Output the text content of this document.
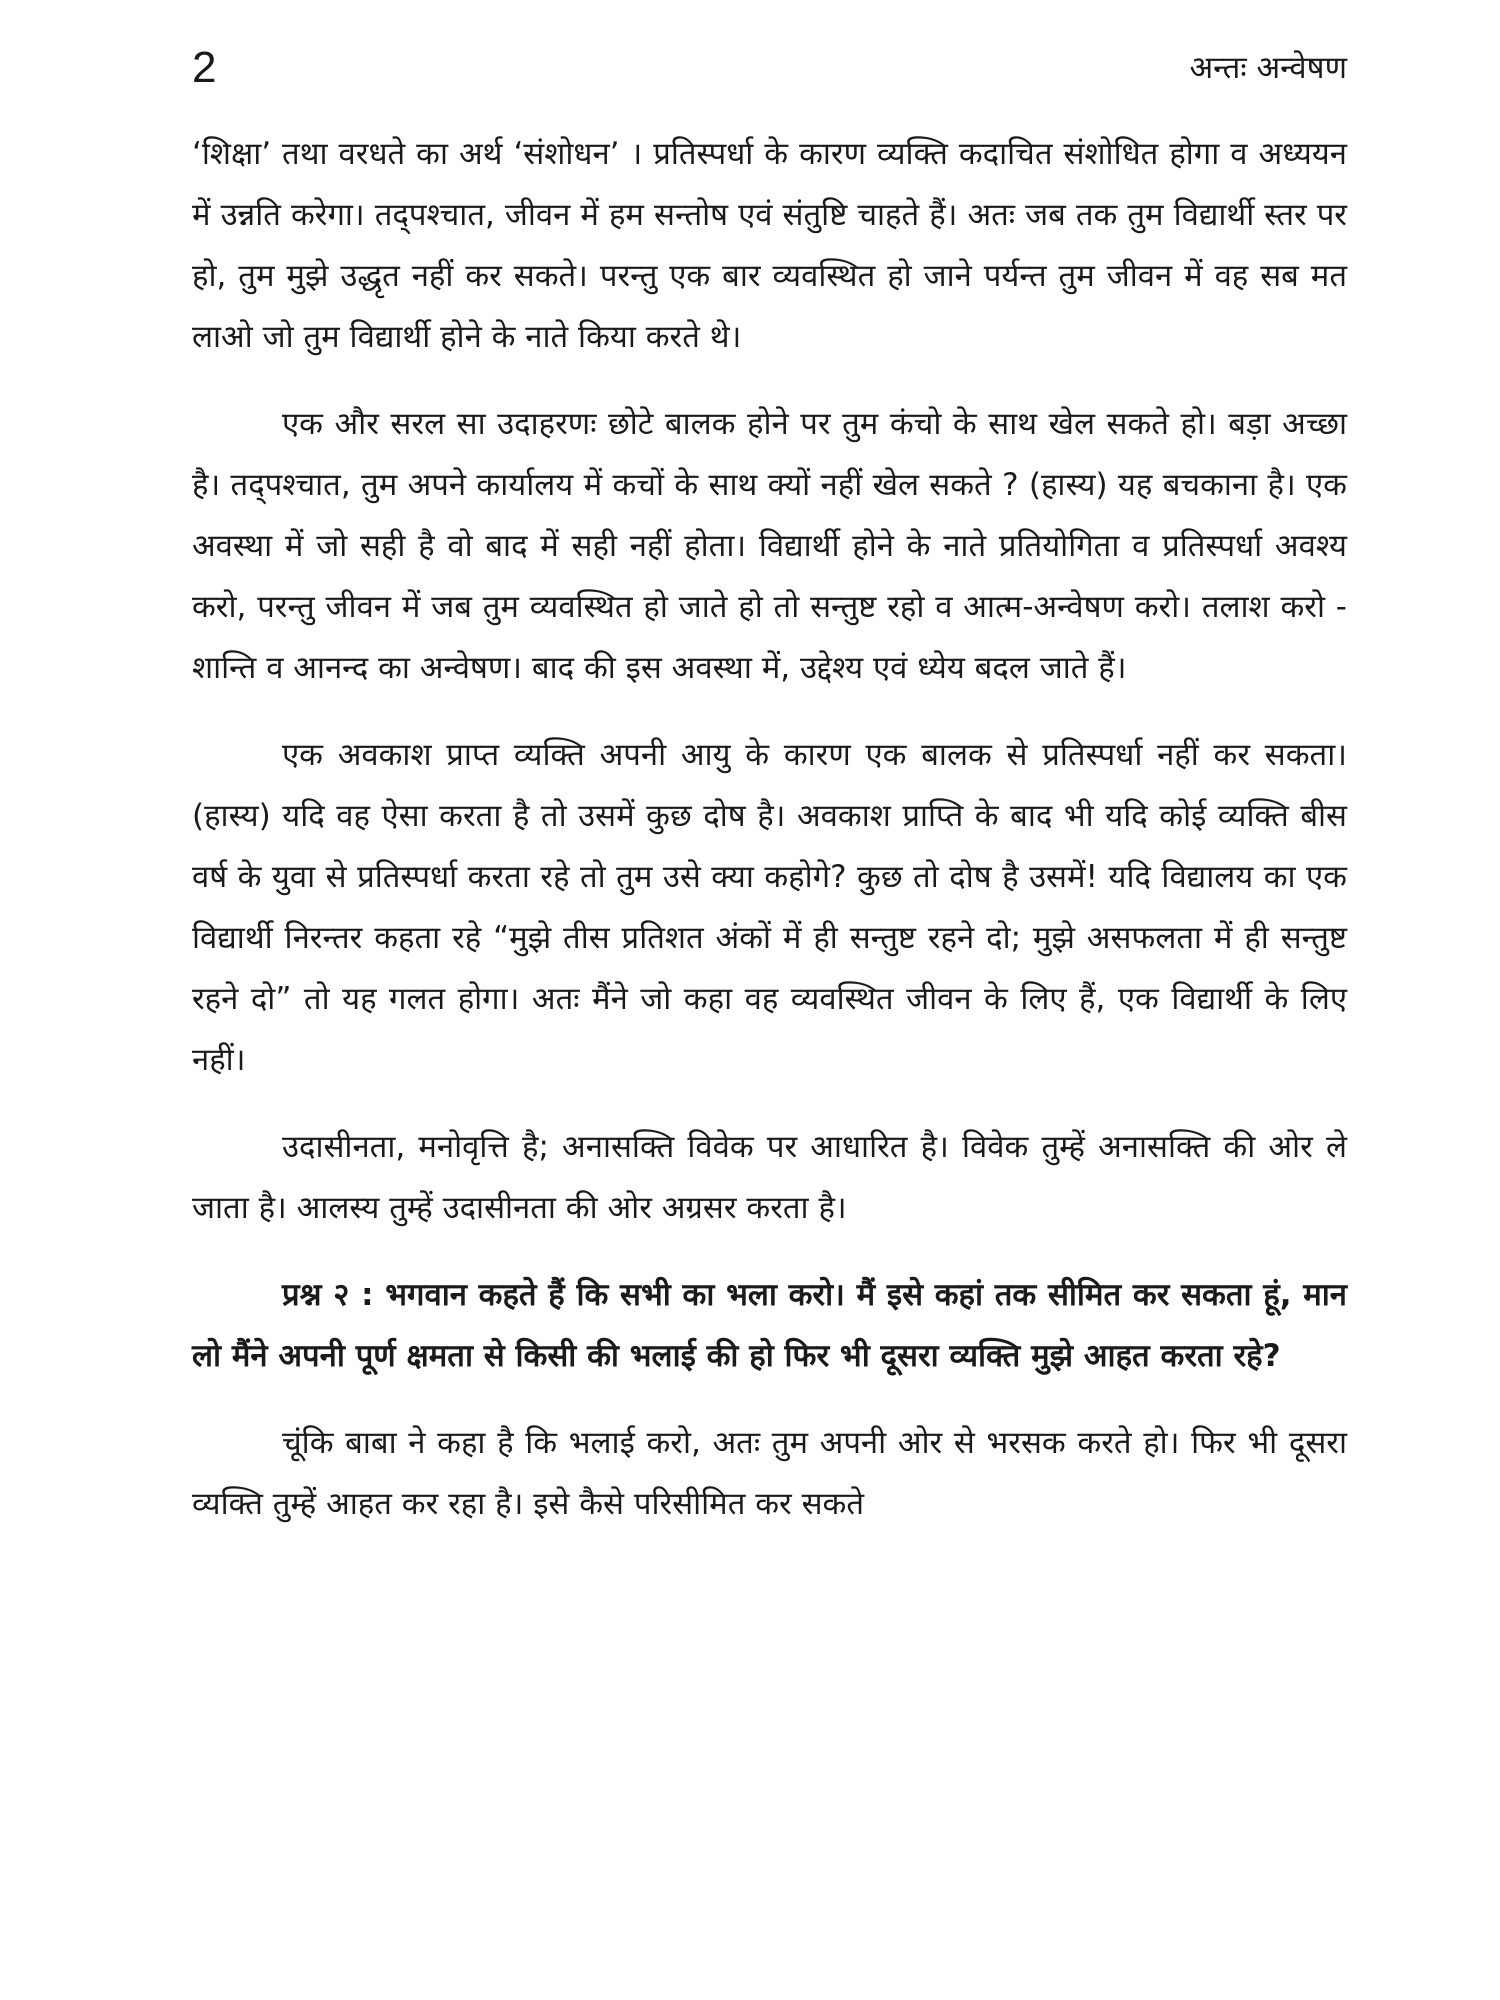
2	अन्तः अन्वेषण

‘शिक्षा’ तथा वरधते का अर्थ ‘संशोधन’ । प्रतिस्पर्धा के कारण व्यक्ति कदाचित संशोधित होगा व अध्ययन में उन्नति करेगा। तद्पश्चात, जीवन में हम सन्तोष एवं संतुष्टि चाहते हैं। अतः जब तक तुम विद्यार्थी स्तर पर हो, तुम मुझे उद्धृत नहीं कर सकते। परन्तु एक बार व्यवस्थित हो जाने पर्यन्त तुम जीवन में वह सब मत लाओ जो तुम विद्यार्थी होने के नाते किया करते थे।

एक और सरल सा उदाहरणः छोटे बालक होने पर तुम कंचो के साथ खेल सकते हो। बड़ा अच्छा है। तद्पश्चात, तुम अपने कार्यालय में कचों के साथ क्यों नहीं खेल सकते ? (हास्य) यह बचकाना है। एक अवस्था में जो सही है वो बाद में सही नहीं होता। विद्यार्थी होने के नाते प्रतियोगिता व प्रतिस्पर्धा अवश्य करो, परन्तु जीवन में जब तुम व्यवस्थित हो जाते हो तो सन्तुष्ट रहो व आत्म-अन्वेषण करो। तलाश करो - शान्ति व आनन्द का अन्वेषण। बाद की इस अवस्था में, उद्देश्य एवं ध्येय बदल जाते हैं।

एक अवकाश प्राप्त व्यक्ति अपनी आयु के कारण एक बालक से प्रतिस्पर्धा नहीं कर सकता। (हास्य) यदि वह ऐसा करता है तो उसमें कुछ दोष है। अवकाश प्राप्ति के बाद भी यदि कोई व्यक्ति बीस वर्ष के युवा से प्रतिस्पर्धा करता रहे तो तुम उसे क्या कहोगे? कुछ तो दोष है उसमें! यदि विद्यालय का एक विद्यार्थी निरन्तर कहता रहे “मुझे तीस प्रतिशत अंकों में ही सन्तुष्ट रहने दो; मुझे असफलता में ही सन्तुष्ट रहने दो” तो यह गलत होगा। अतः मैंने जो कहा वह व्यवस्थित जीवन के लिए हैं, एक विद्यार्थी के लिए नहीं।

उदासीनता, मनोवृत्ति है; अनासक्ति विवेक पर आधारित है। विवेक तुम्हें अनासक्ति की ओर ले जाता है। आलस्य तुम्हें उदासीनता की ओर अग्रसर करता है।

प्रश्न २ : भगवान कहते हैं कि सभी का भला करो। मैं इसे कहां तक सीमित कर सकता हूं, मान लो मैंने अपनी पूर्ण क्षमता से किसी की भलाई की हो फिर भी दूसरा व्यक्ति मुझे आहत करता रहे?

चूंकि बाबा ने कहा है कि भलाई करो, अतः तुम अपनी ओर से भरसक करते हो। फिर भी दूसरा व्यक्ति तुम्हें आहत कर रहा है। इसे कैसे परिसीमित कर सकते
